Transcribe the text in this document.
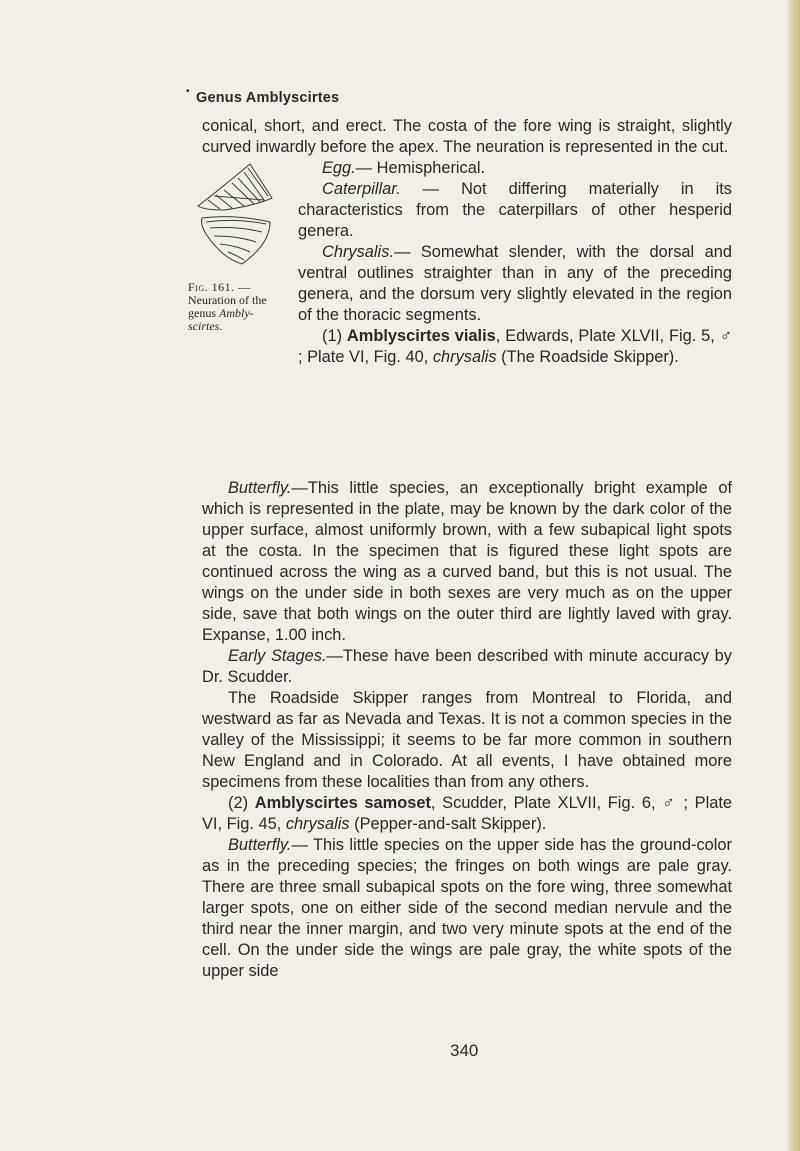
• Genus Amblyscirtes

conical, short, and erect. The costa of the fore wing is straight, slightly curved inwardly before the apex. The neuration is represented in the cut.

Fig. 161. —
Neuration of the genus Ambly-scirtes.

Egg.— Hemispherical.

Caterpillar. — Not differing materially in its characteristics from the caterpillars of other hesperid genera.

Chrysalis.— Somewhat slender, with the dorsal and ventral outlines straighter than in any of the preceding genera, and the dorsum very slightly elevated in the region of the thoracic segments.

(1) Amblyscirtes vialis, Edwards, Plate XLVII, Fig. 5, ♂ ; Plate VI, Fig. 40, chrysalis (The Roadside Skipper).

Butterfly.—This little species, an exceptionally bright example of which is represented in the plate, may be known by the dark color of the upper surface, almost uniformly brown, with a few subapical light spots at the costa. In the specimen that is figured these light spots are continued across the wing as a curved band, but this is not usual. The wings on the under side in both sexes are very much as on the upper side, save that both wings on the outer third are lightly laved with gray. Expanse, 1.00 inch.

Early Stages.—These have been described with minute accuracy by Dr. Scudder.

The Roadside Skipper ranges from Montreal to Florida, and westward as far as Nevada and Texas. It is not a common species in the valley of the Mississippi; it seems to be far more common in southern New England and in Colorado. At all events, I have obtained more specimens from these localities than from any others.

(2) Amblyscirtes samoset, Scudder, Plate XLVII, Fig. 6, ♂ ; Plate VI, Fig. 45, chrysalis (Pepper-and-salt Skipper).

Butterfly.— This little species on the upper side has the ground-color as in the preceding species; the fringes on both wings are pale gray. There are three small subapical spots on the fore wing, three somewhat larger spots, one on either side of the second median nervule and the third near the inner margin, and two very minute spots at the end of the cell. On the under side the wings are pale gray, the white spots of the upper side

340
